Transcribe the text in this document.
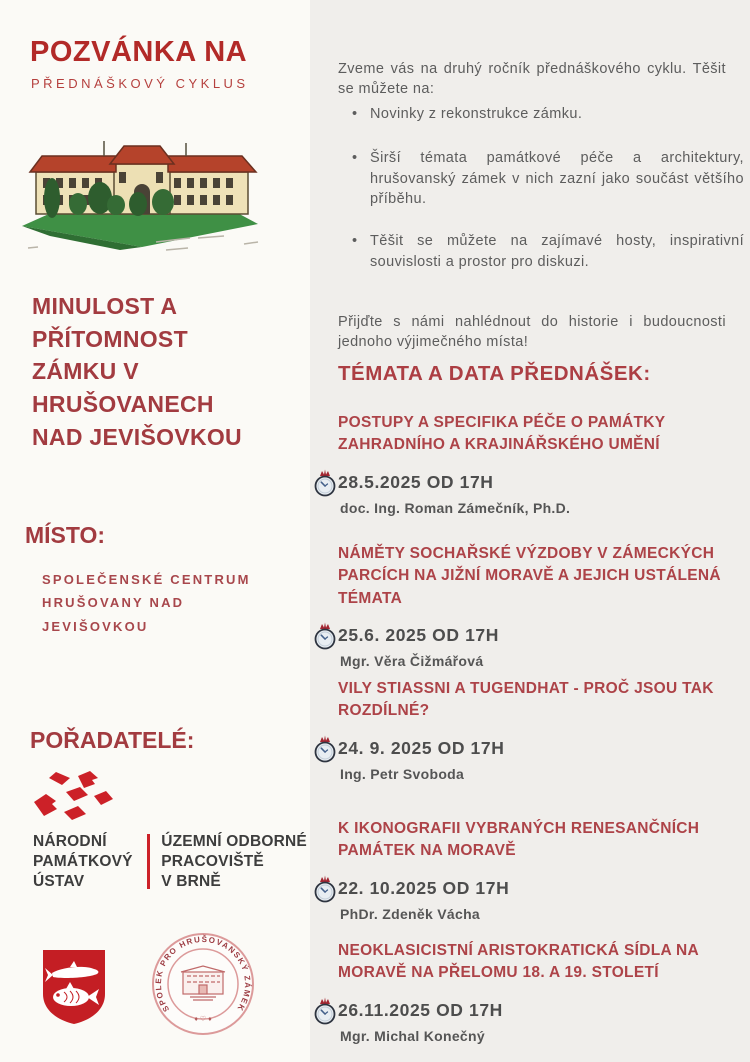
POZVÁNKA NA
PŘEDNÁŠKOVÝ CYKLUS
MINULOST A PŘÍTOMNOST ZÁMKU V HRUŠOVANECH NAD JEVIŠOVKOU
MÍSTO:
SPOLEČENSKÉ CENTRUM HRUŠOVANY NAD JEVIŠOVKOU
POŘADATELÉ:
NÁRODNÍ
PAMÁTKOVÝ
ÚSTAV
ÚZEMNÍ ODBORNÉ
PRACOVIŠTĚ
V BRNĚ
SPOLEK PRO HRUŠOVANSKÝ ZÁMEK
♦ ♡ ♦

Zveme vás na druhý ročník přednáškového cyklu. Těšit se můžete na:

• Novinky z rekonstrukce zámku.
• Širší témata památkové péče a architektury, hrušovanský zámek v nich zazní jako součást většího příběhu.
• Těšit se můžete na zajímavé hosty, inspirativní souvislosti a prostor pro diskuzi.

Přijďte s námi nahlédnout do historie i budoucnosti jednoho výjimečného místa!

TÉMATA A DATA PŘEDNÁŠEK:
POSTUPY A SPECIFIKA PÉČE O PAMÁTKY ZAHRADNÍHO A KRAJINÁŘSKÉHO UMĚNÍ
28.5.2025 OD 17H
doc. Ing. Roman Zámečník, Ph.D.
NÁMĚTY SOCHAŘSKÉ VÝZDOBY V ZÁMECKÝCH PARCÍCH NA JIŽNÍ MORAVĚ A JEJICH USTÁLENÁ TÉMATA
25.6. 2025 OD 17H
Mgr. Věra Čižmářová
VILY STIASSNI A TUGENDHAT - PROČ JSOU TAK ROZDÍLNÉ?
24. 9. 2025 OD 17H
Ing. Petr Svoboda
K IKONOGRAFII VYBRANÝCH RENESANČNÍCH PAMÁTEK NA MORAVĚ
22. 10.2025 OD 17H
PhDr. Zdeněk Vácha
NEOKLASICISTNÍ ARISTOKRATICKÁ SÍDLA NA MORAVĚ NA PŘELOMU 18. A 19. STOLETÍ
26.11.2025 OD 17H
Mgr. Michal Konečný
